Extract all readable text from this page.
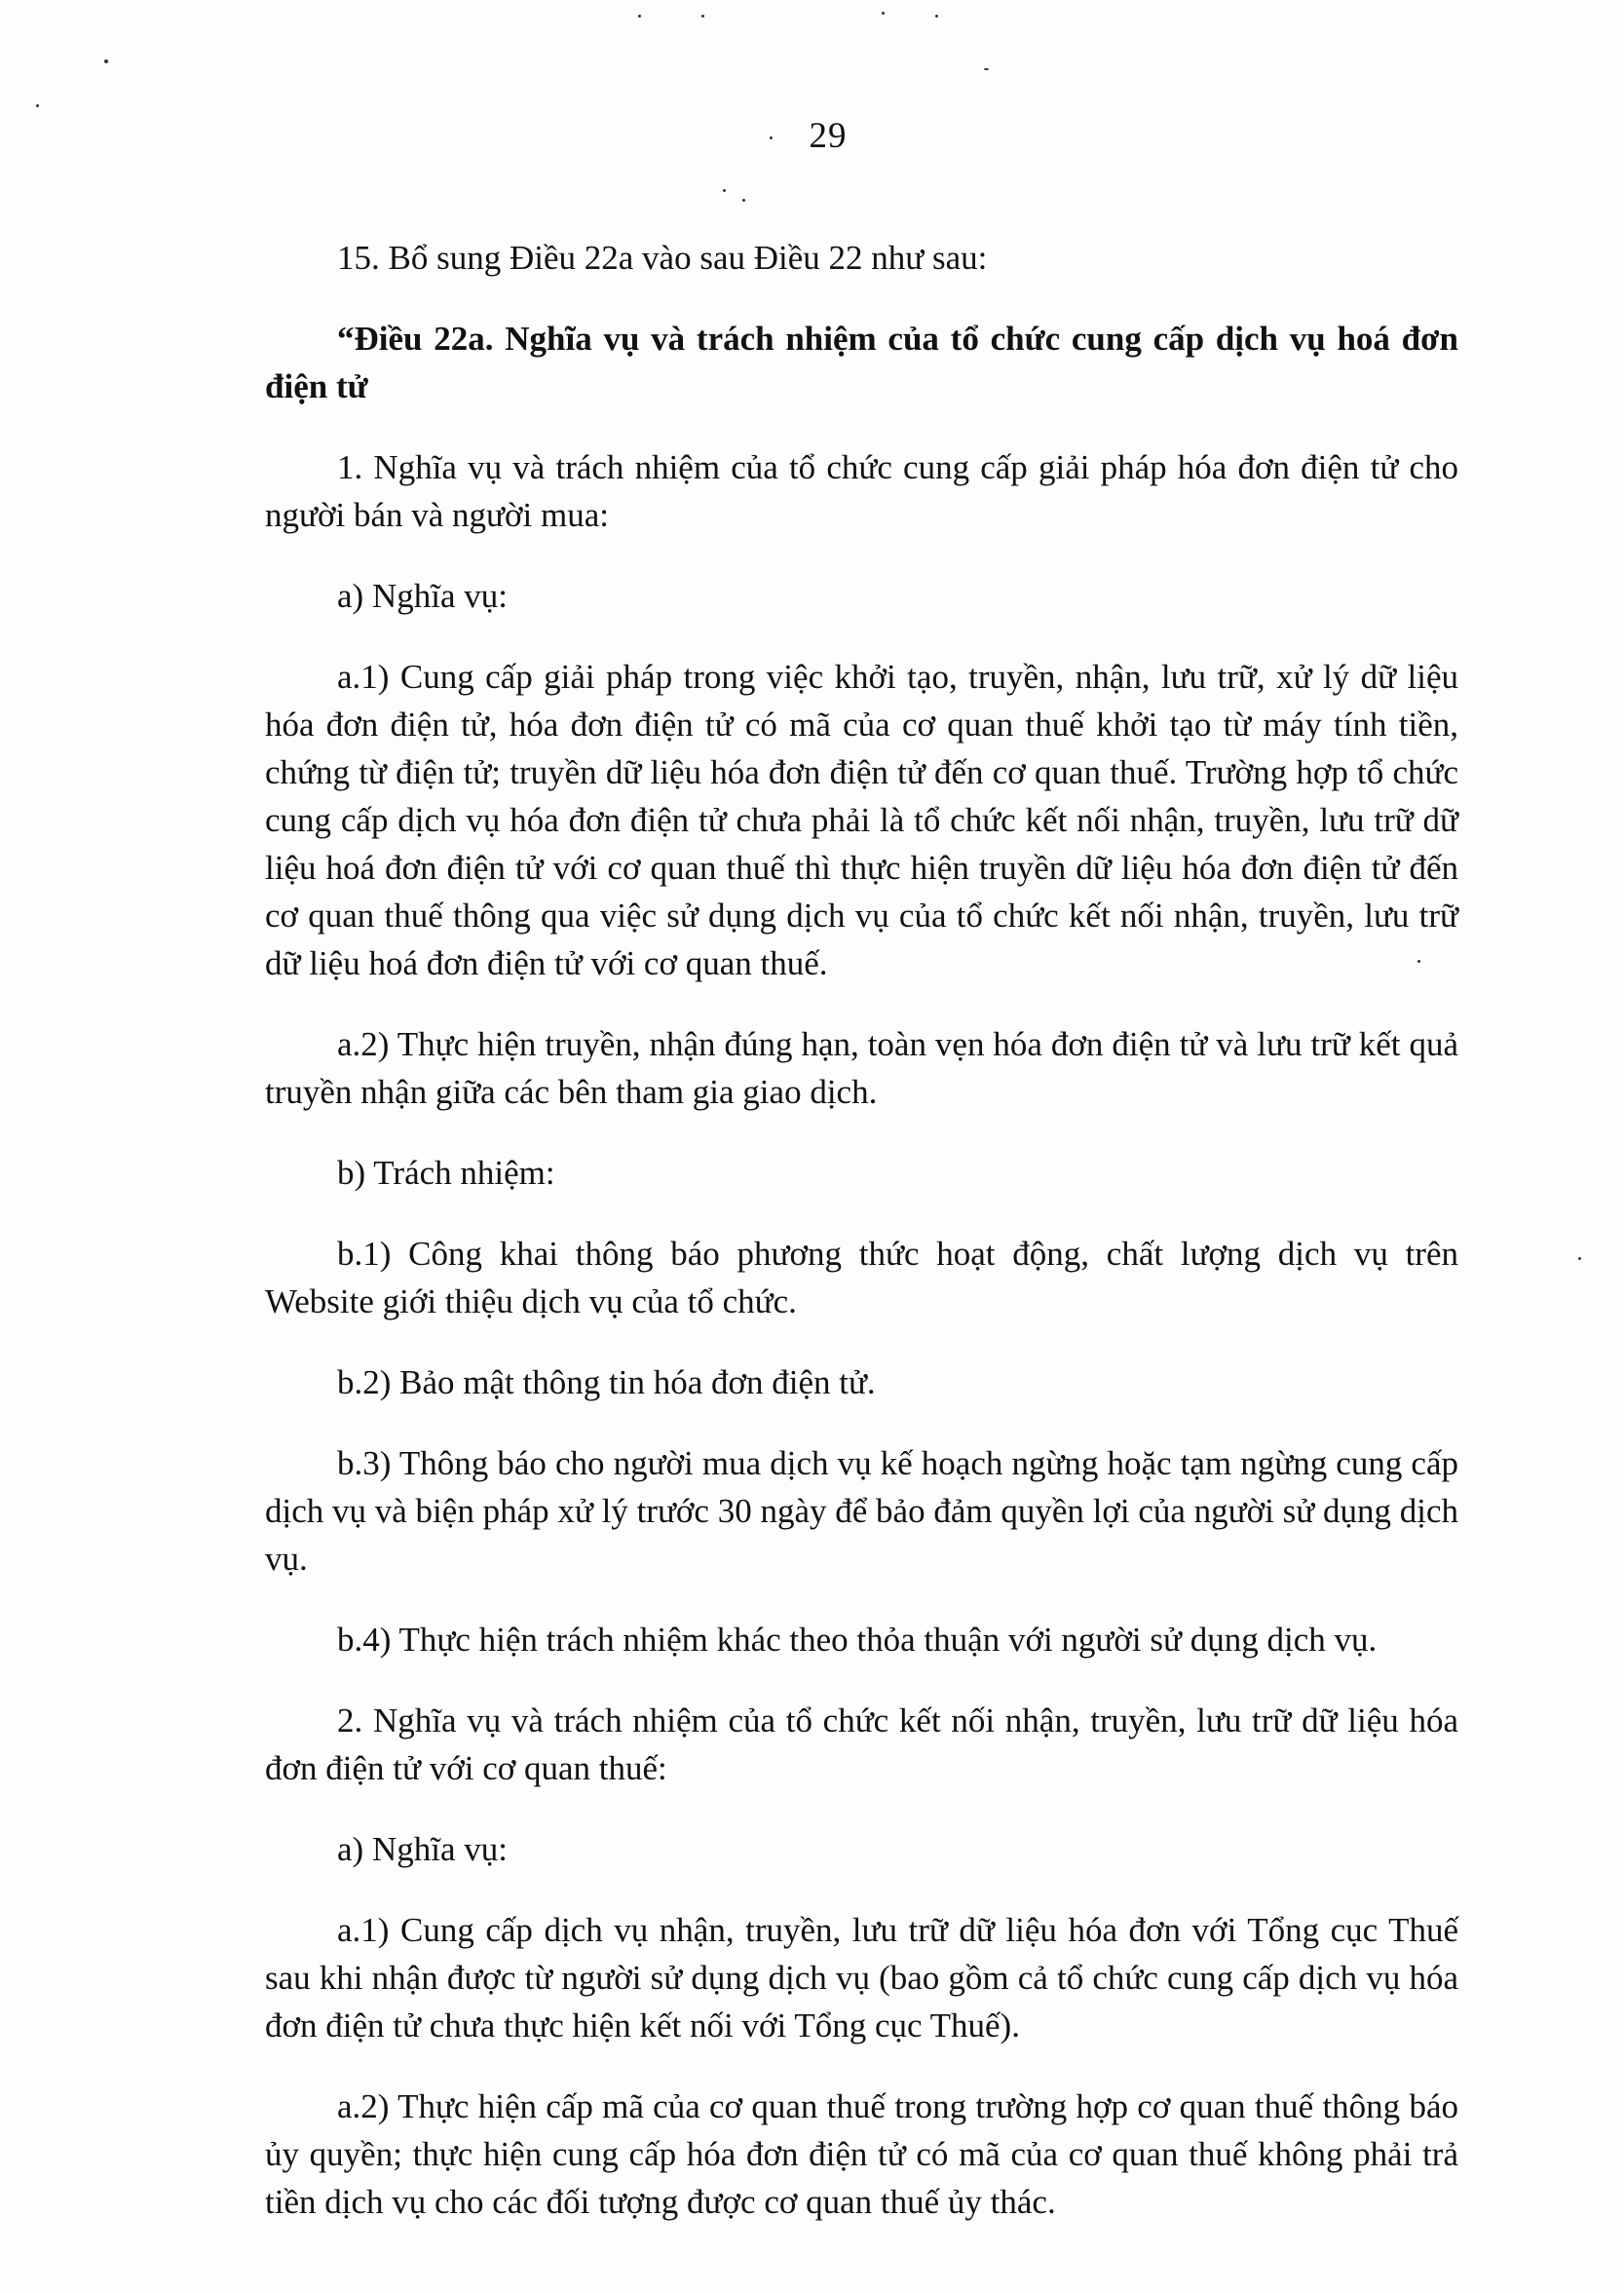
29

15. Bổ sung Điều 22a vào sau Điều 22 như sau:

“Điều 22a. Nghĩa vụ và trách nhiệm của tổ chức cung cấp dịch vụ hoá đơn điện tử

1. Nghĩa vụ và trách nhiệm của tổ chức cung cấp giải pháp hóa đơn điện tử cho người bán và người mua:

a) Nghĩa vụ:

a.1) Cung cấp giải pháp trong việc khởi tạo, truyền, nhận, lưu trữ, xử lý dữ liệu hóa đơn điện tử, hóa đơn điện tử có mã của cơ quan thuế khởi tạo từ máy tính tiền, chứng từ điện tử; truyền dữ liệu hóa đơn điện tử đến cơ quan thuế. Trường hợp tổ chức cung cấp dịch vụ hóa đơn điện tử chưa phải là tổ chức kết nối nhận, truyền, lưu trữ dữ liệu hoá đơn điện tử với cơ quan thuế thì thực hiện truyền dữ liệu hóa đơn điện tử đến cơ quan thuế thông qua việc sử dụng dịch vụ của tổ chức kết nối nhận, truyền, lưu trữ dữ liệu hoá đơn điện tử với cơ quan thuế.

a.2) Thực hiện truyền, nhận đúng hạn, toàn vẹn hóa đơn điện tử và lưu trữ kết quả truyền nhận giữa các bên tham gia giao dịch.

b) Trách nhiệm:

b.1) Công khai thông báo phương thức hoạt động, chất lượng dịch vụ trên Website giới thiệu dịch vụ của tổ chức.

b.2) Bảo mật thông tin hóa đơn điện tử.

b.3) Thông báo cho người mua dịch vụ kế hoạch ngừng hoặc tạm ngừng cung cấp dịch vụ và biện pháp xử lý trước 30 ngày để bảo đảm quyền lợi của người sử dụng dịch vụ.

b.4) Thực hiện trách nhiệm khác theo thỏa thuận với người sử dụng dịch vụ.

2. Nghĩa vụ và trách nhiệm của tổ chức kết nối nhận, truyền, lưu trữ dữ liệu hóa đơn điện tử với cơ quan thuế:

a) Nghĩa vụ:

a.1) Cung cấp dịch vụ nhận, truyền, lưu trữ dữ liệu hóa đơn với Tổng cục Thuế sau khi nhận được từ người sử dụng dịch vụ (bao gồm cả tổ chức cung cấp dịch vụ hóa đơn điện tử chưa thực hiện kết nối với Tổng cục Thuế).

a.2) Thực hiện cấp mã của cơ quan thuế trong trường hợp cơ quan thuế thông báo ủy quyền; thực hiện cung cấp hóa đơn điện tử có mã của cơ quan thuế không phải trả tiền dịch vụ cho các đối tượng được cơ quan thuế ủy thác.
